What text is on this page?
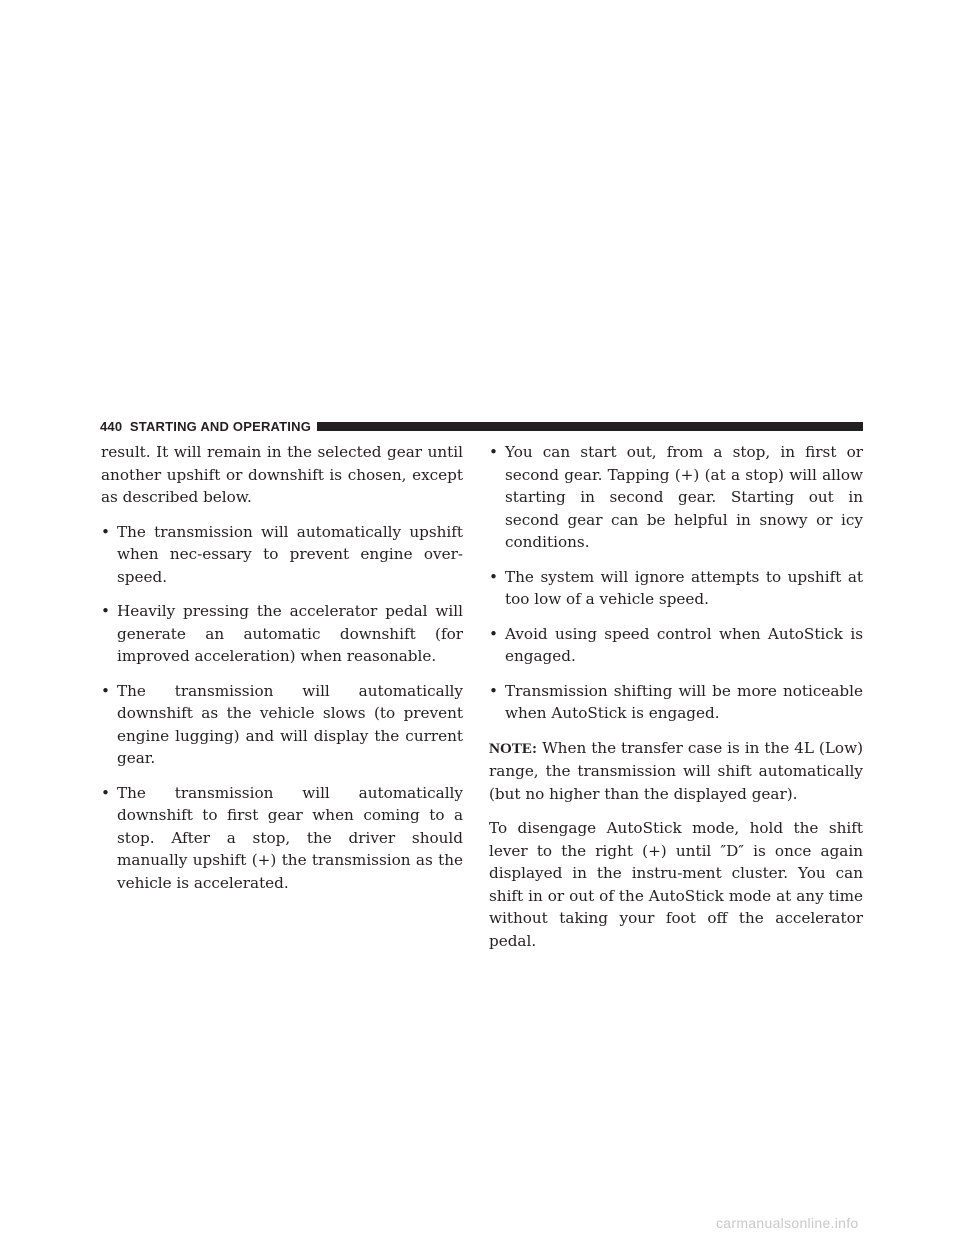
440 STARTING AND OPERATING

result. It will remain in the selected gear until another upshift or downshift is chosen, except as described below.

• The transmission will automatically upshift when nec-essary to prevent engine over-speed.
• Heavily pressing the accelerator pedal will generate an automatic downshift (for improved acceleration) when reasonable.
• The transmission will automatically downshift as the vehicle slows (to prevent engine lugging) and will display the current gear.
• The transmission will automatically downshift to first gear when coming to a stop. After a stop, the driver should manually upshift (+) the transmission as the vehicle is accelerated.
• You can start out, from a stop, in first or second gear. Tapping (+) (at a stop) will allow starting in second gear. Starting out in second gear can be helpful in snowy or icy conditions.
• The system will ignore attempts to upshift at too low of a vehicle speed.
• Avoid using speed control when AutoStick is engaged.
• Transmission shifting will be more noticeable when AutoStick is engaged.

NOTE: When the transfer case is in the 4L (Low) range, the transmission will shift automatically (but no higher than the displayed gear).

To disengage AutoStick mode, hold the shift lever to the right (+) until ″D″ is once again displayed in the instru-ment cluster. You can shift in or out of the AutoStick mode at any time without taking your foot off the accelerator pedal.

carmanualsonline.info
